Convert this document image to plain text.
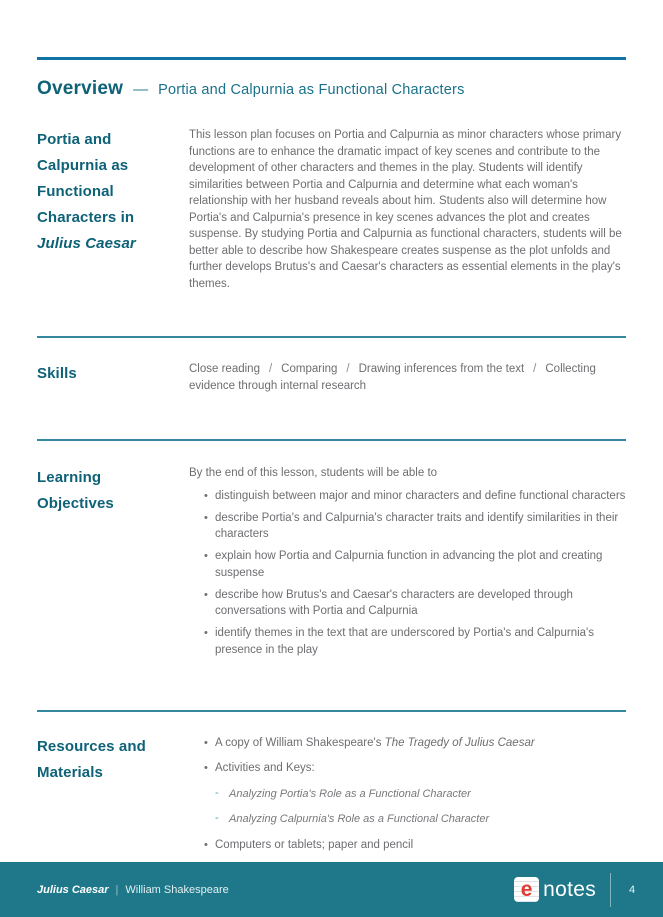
Overview — Portia and Calpurnia as Functional Characters
Portia and
Calpurnia as
Functional
Characters in
Julius Caesar

This lesson plan focuses on Portia and Calpurnia as minor characters whose primary functions are to enhance the dramatic impact of key scenes and contribute to the development of other characters and themes in the play. Students will identify similarities between Portia and Calpurnia and determine what each woman's relationship with her husband reveals about him. Students also will determine how Portia's and Calpurnia's presence in key scenes advances the plot and creates suspense. By studying Portia and Calpurnia as functional characters, students will be better able to describe how Shakespeare creates suspense as the plot unfolds and further develops Brutus's and Caesar's characters as essential elements in the play's themes.

Skills	Close reading / Comparing / Drawing inferences from the text / Collecting evidence through internal research

Learning
Objectives

By the end of this lesson, students will be able to

• distinguish between major and minor characters and define functional characters
• describe Portia's and Calpurnia's character traits and identify similarities in their characters
• explain how Portia and Calpurnia function in advancing the plot and creating suspense
• describe how Brutus's and Caesar's characters are developed through conversations with Portia and Calpurnia
• identify themes in the text that are underscored by Portia's and Calpurnia's presence in the play
Resources and
Materials
• A copy of William Shakespeare's The Tragedy of Julius Caesar
• Activities and Keys:
- Analyzing Portia's Role as a Functional Character
- Analyzing Calpurnia's Role as a Functional Character
• Computers or tablets; paper and pencil
Julius Caesar | William Shakespeare	e notes	4
